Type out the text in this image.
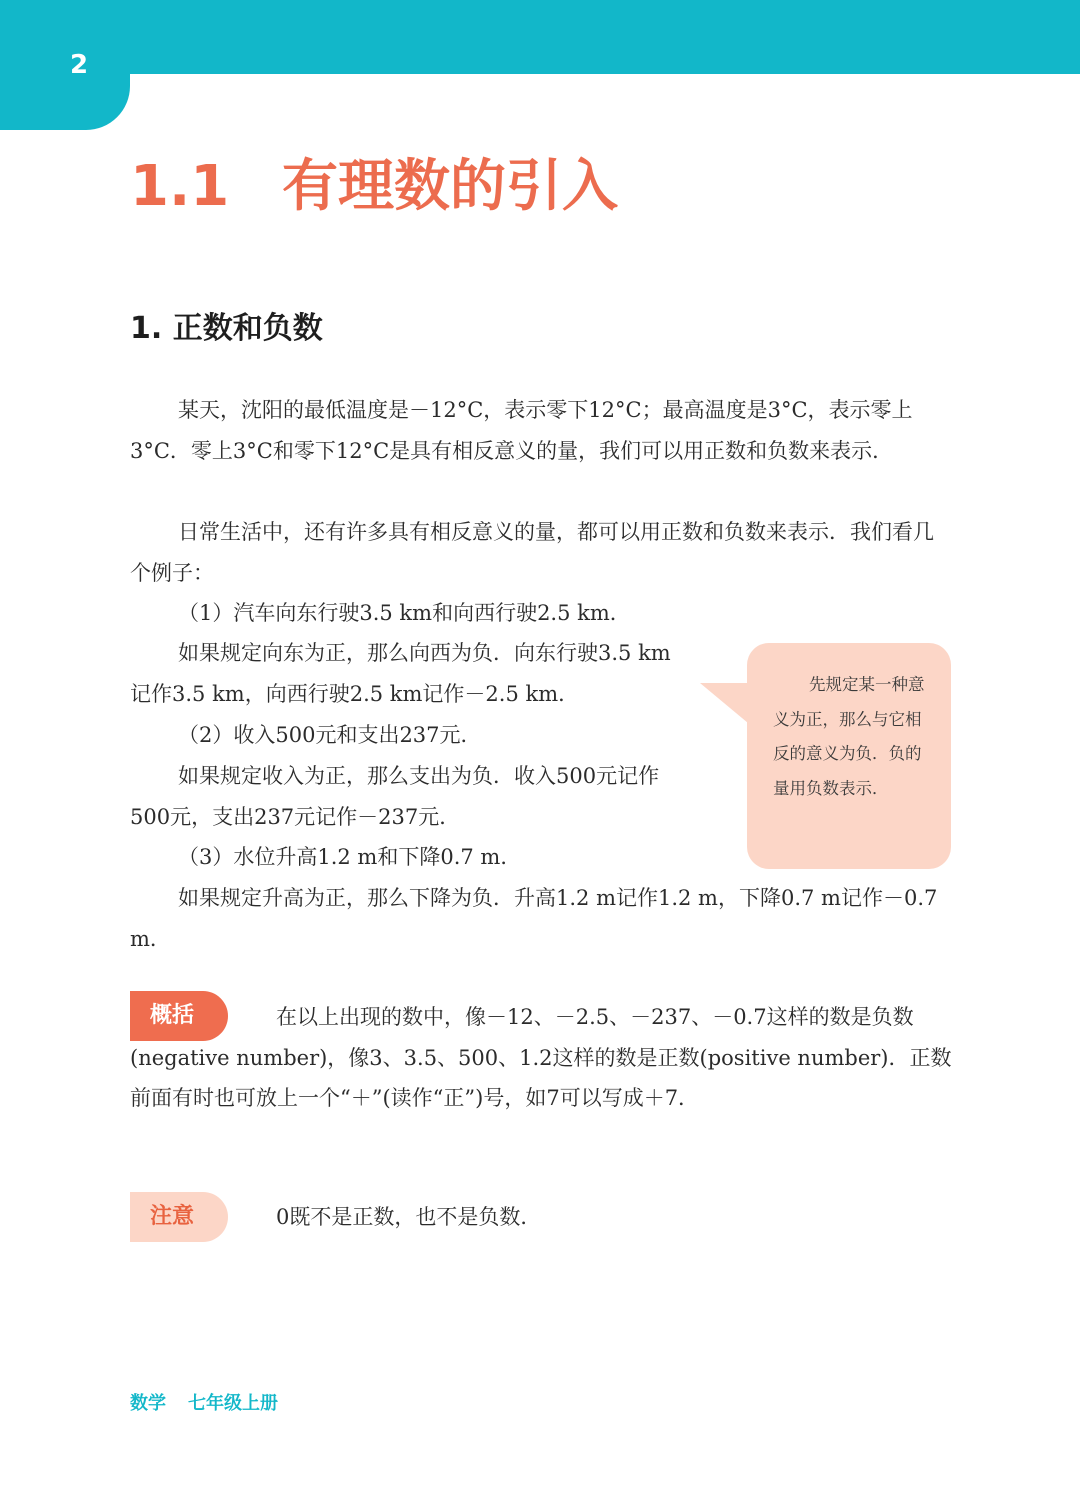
2
1.1 有理数的引入
1. 正数和负数

某天，沈阳的最低温度是－12°C，表示零下12°C；最高温度是3°C，表示零上3°C．零上3°C和零下12°C是具有相反意义的量，我们可以用正数和负数来表示．

日常生活中，还有许多具有相反意义的量，都可以用正数和负数来表示．我们看几个例子：

（1）汽车向东行驶3.5 km和向西行驶2.5 km．

如果规定向东为正，那么向西为负．向东行驶3.5 km记作3.5 km，向西行驶2.5 km记作－2.5 km．

（2）收入500元和支出237元．

如果规定收入为正，那么支出为负．收入500元记作500元，支出237元记作－237元．

（3）水位升高1.2 m和下降0.7 m．

如果规定升高为正，那么下降为负．升高1.2 m记作1.2 m，下降0.7 m记作－0.7 m．

先规定某一种意义为正，那么与它相反的意义为负．负的量用负数表示．

概括	在以上出现的数中，像－12、－2.5、－237、－0.7这样的数是负数(negative number)，像3、3.5、500、1.2这样的数是正数(positive number)．正数前面有时也可放上一个“＋”(读作“正”)号，如7可以写成＋7．

注意	0既不是正数，也不是负数．

数学 七年级上册
